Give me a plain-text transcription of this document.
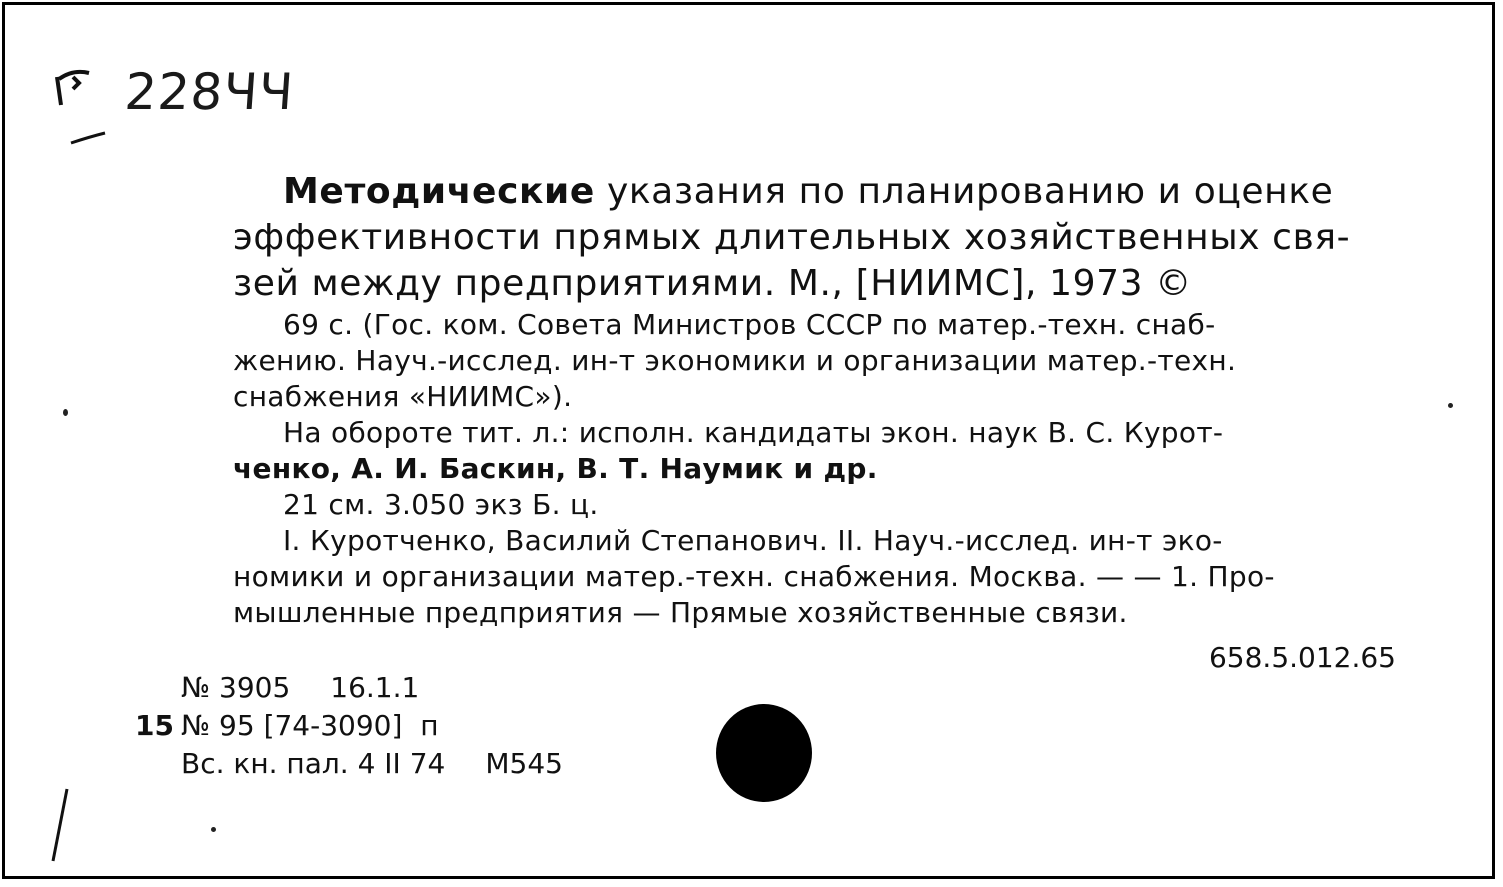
228ЧЧ
Методические указания по планированию и оценке
эффективности прямых длительных хозяйственных свя-
зей между предприятиями. М., [НИИМС], 1973 ©
69 с. (Гос. ком. Совета Министров СССР по матер.-техн. снаб-
жению. Науч.-исслед. ин-т экономики и организации матер.-техн.
снабжения «НИИМС»).
На обороте тит. л.: исполн. кандидаты экон. наук В. С. Курот-
ченко, А. И. Баскин, В. Т. Наумик и др.
21 см. 3.050 экз Б. ц.
I. Куротченко, Василий Степанович. II. Науч.-исслед. ин-т эко-
номики и организации матер.-техн. снабжения. Москва. — — 1. Про-
мышленные предприятия — Прямые хозяйственные связи.
658.5.012.65
№ 3905 16.1.1
15 № 95 [74-3090] п
Вс. кн. пал. 4 II 74 М545
